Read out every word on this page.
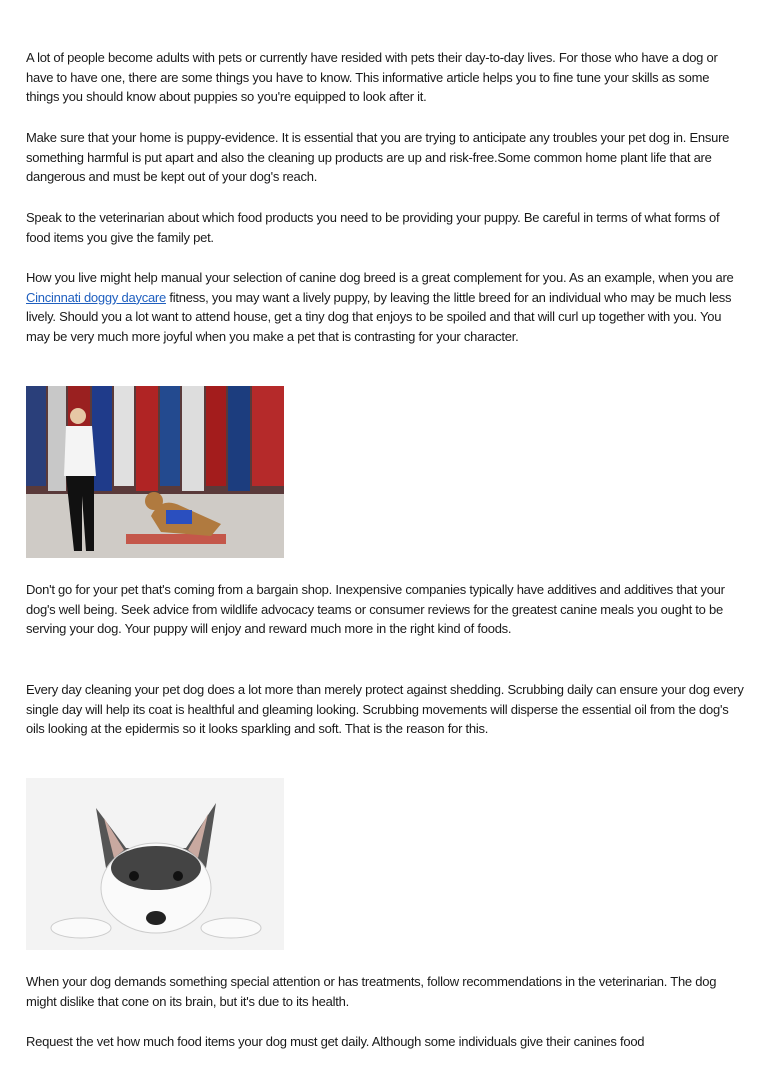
A lot of people become adults with pets or currently have resided with pets their day-to-day lives. For those who have a dog or have to have one, there are some things you have to know. This informative article helps you to fine tune your skills as some things you should know about puppies so you're equipped to look after it.

Make sure that your home is puppy-evidence. It is essential that you are trying to anticipate any troubles your pet dog in. Ensure something harmful is put apart and also the cleaning up products are up and risk-free.Some common home plant life that are dangerous and must be kept out of your dog's reach.

Speak to the veterinarian about which food products you need to be providing your puppy. Be careful in terms of what forms of food items you give the family pet.

How you live might help manual your selection of canine dog breed is a great complement for you. As an example, when you are Cincinnati doggy daycare fitness, you may want a lively puppy, by leaving the little breed for an individual who may be much less lively. Should you a lot want to attend house, get a tiny dog that enjoys to be spoiled and that will curl up together with you. You may be very much more joyful when you make a pet that is contrasting for your character.

Don't go for your pet that's coming from a bargain shop. Inexpensive companies typically have additives and additives that your dog's well being. Seek advice from wildlife advocacy teams or consumer reviews for the greatest canine meals you ought to be serving your dog. Your puppy will enjoy and reward much more in the right kind of foods.

Every day cleaning your pet dog does a lot more than merely protect against shedding. Scrubbing daily can ensure your dog every single day will help its coat is healthful and gleaming looking. Scrubbing movements will disperse the essential oil from the dog's oils looking at the epidermis so it looks sparkling and soft. That is the reason for this.

When your dog demands something special attention or has treatments, follow recommendations in the veterinarian. The dog might dislike that cone on its brain, but it's due to its health.

Request the vet how much food items your dog must get daily. Although some individuals give their canines food
